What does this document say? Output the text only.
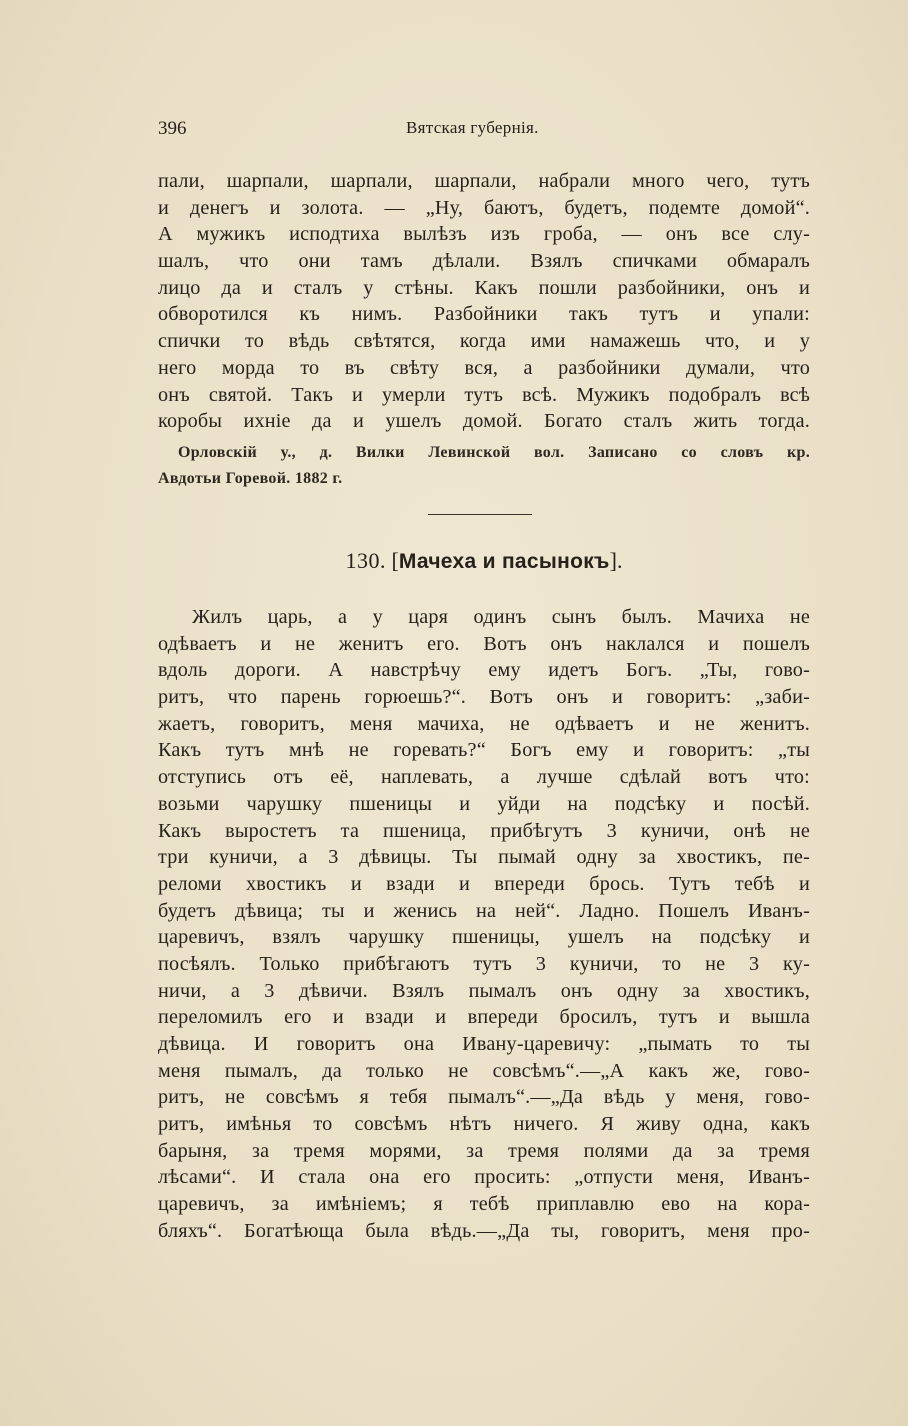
396	Вятская губернія.
пали, шарпали, шарпали, шарпали, набрали много чего, тутъ
и денегъ и золота. — „Ну, баютъ, будетъ, подемте домой“.
А мужикъ исподтиха вылѣзъ изъ гроба, — онъ все слу-
шалъ, что они тамъ дѣлали. Взялъ спичками обмаралъ
лицо да и сталъ у стѣны. Какъ пошли разбойники, онъ и
обворотился къ нимъ. Разбойники такъ тутъ и упали:
спички то вѣдь свѣтятся, когда ими намажешь что, и у
него морда то въ свѣту вся, а разбойники думали, что
онъ святой. Такъ и умерли тутъ всѣ. Мужикъ подобралъ всѣ
коробы ихніе да и ушелъ домой. Богато сталъ жить тогда.
Орловскій у., д. Вилки Левинской вол. Записано со словъ кр.
Авдотьи Горевой. 1882 г.
130. [Мачеха и пасынокъ].
Жилъ царь, а у царя одинъ сынъ былъ. Мачиха не
одѣваетъ и не женитъ его. Вотъ онъ наклался и пошелъ
вдоль дороги. А навстрѣчу ему идетъ Богъ. „Ты, гово-
ритъ, что парень горюешь?“. Вотъ онъ и говоритъ: „заби-
жаетъ, говоритъ, меня мачиха, не одѣваетъ и не женитъ.
Какъ тутъ мнѣ не горевать?“ Богъ ему и говоритъ: „ты
отступись отъ её, наплевать, а лучше сдѣлай вотъ что:
возьми чарушку пшеницы и уйди на подсѣку и посѣй.
Какъ выростетъ та пшеница, прибѣгутъ 3 куничи, онѣ не
три куничи, а 3 дѣвицы. Ты пымай одну за хвостикъ, пе-
реломи хвостикъ и взади и впереди брось. Тутъ тебѣ и
будетъ дѣвица; ты и женись на ней“. Ладно. Пошелъ Иванъ-
царевичъ, взялъ чарушку пшеницы, ушелъ на подсѣку и
посѣялъ. Только прибѣгаютъ тутъ 3 куничи, то не 3 ку-
ничи, а 3 дѣвичи. Взялъ пымалъ онъ одну за хвостикъ,
переломилъ его и взади и впереди бросилъ, тутъ и вышла
дѣвица. И говоритъ она Ивану-царевичу: „пымать то ты
меня пымалъ, да только не совсѣмъ“.—„А какъ же, гово-
ритъ, не совсѣмъ я тебя пымалъ“.—„Да вѣдь у меня, гово-
ритъ, имѣнья то совсѣмъ нѣтъ ничего. Я живу одна, какъ
барыня, за тремя морями, за тремя полями да за тремя
лѣсами“. И стала она его просить: „отпусти меня, Иванъ-
царевичъ, за имѣніемъ; я тебѣ приплавлю ево на кора-
бляхъ“. Богатѣюща была вѣдь.—„Да ты, говоритъ, меня про-
